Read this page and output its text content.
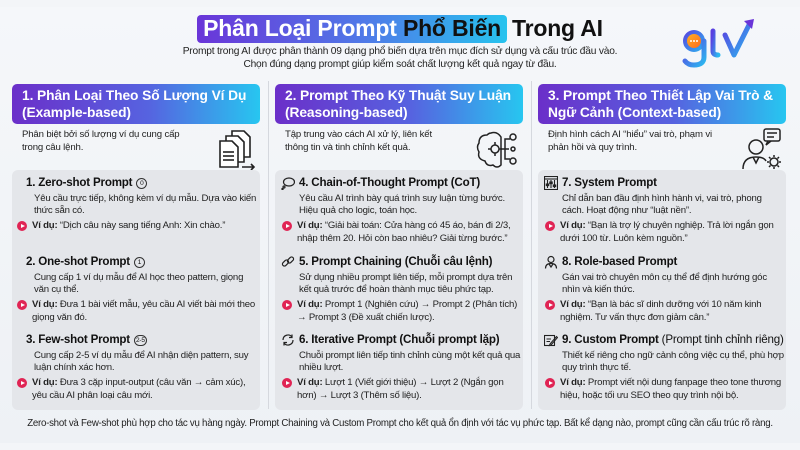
Phân Loại Prompt Phổ Biến Trong AI
Prompt trong AI được phân thành 09 dạng phổ biến dựa trên mục đích sử dụng và cấu trúc đầu vào.
Chọn đúng dạng prompt giúp kiểm soát chất lượng kết quả ngay từ đầu.
1. Phân Loại Theo Số Lượng Ví Dụ (Example-based)
Phân biệt bởi số lượng ví dụ cung cấp trong câu lệnh.
1. Zero-shot Prompt	0
Yêu cầu trực tiếp, không kèm ví dụ mẫu. Dựa vào kiến thức sẵn có.
Ví dụ: “Dịch câu này sang tiếng Anh: Xin chào.”
2. One-shot Prompt	1
Cung cấp 1 ví dụ mẫu để AI học theo pattern, giọng văn cụ thể.
Ví dụ: Đưa 1 bài viết mẫu, yêu cầu AI viết bài mới theo giọng văn đó.
3. Few-shot Prompt 2-5
Cung cấp 2-5 ví dụ mẫu để AI nhận diện pattern, suy luận chính xác hơn.
Ví dụ: Đưa 3 cặp input-output (câu văn → cảm xúc), yêu cầu AI phân loại câu mới.
2. Prompt Theo Kỹ Thuật Suy Luận (Reasoning-based)
Tập trung vào cách AI xử lý, liên kết thông tin và tinh chỉnh kết quả.
4. Chain-of-Thought Prompt (CoT)
Yêu cầu AI trình bày quá trình suy luận từng bước. Hiệu quả cho logic, toán học.
Ví dụ: “Giải bài toán: Cửa hàng có 45 áo, bán đi 2/3, nhập thêm 20. Hỏi còn bao nhiêu? Giải từng bước.”
5. Prompt Chaining (Chuỗi câu lệnh)
Sử dụng nhiều prompt liên tiếp, mỗi prompt dựa trên kết quả trước để hoàn thành mục tiêu phức tạp.
Ví dụ: Prompt 1 (Nghiên cứu) → Prompt 2 (Phân tích) → Prompt 3 (Đề xuất chiến lược).
6. Iterative Prompt (Chuỗi prompt lặp)
Chuỗi prompt liên tiếp tinh chỉnh cùng một kết quả qua nhiều lượt.
Ví dụ: Lượt 1 (Viết giới thiệu) → Lượt 2 (Ngắn gọn hơn) → Lượt 3 (Thêm số liệu).
3. Prompt Theo Thiết Lập Vai Trò & Ngữ Cảnh (Context-based)
Định hình cách AI “hiểu” vai trò, phạm vi phản hồi và quy trình.
7. System Prompt
Chỉ dẫn ban đầu định hình hành vi, vai trò, phong cách. Hoạt động như “luật nền”.
Ví dụ: “Bạn là trợ lý chuyên nghiệp. Trả lời ngắn gọn dưới 100 từ. Luôn kèm nguồn.”
8. Role-based Prompt
Gán vai trò chuyên môn cụ thể để định hướng góc nhìn và kiến thức.
Ví dụ: “Bạn là bác sĩ dinh dưỡng với 10 năm kinh nghiệm. Tư vấn thực đơn giảm cân.”
9. Custom Prompt (Prompt tinh chỉnh riêng)
Thiết kế riêng cho ngữ cảnh công việc cụ thể, phù hợp quy trình thực tế.
Ví dụ: Prompt viết nội dung fanpage theo tone thương hiệu, hoặc tối ưu SEO theo quy trình nội bộ.
Zero-shot và Few-shot phù hợp cho tác vụ hàng ngày. Prompt Chaining và Custom Prompt cho kết quả ổn định với tác vụ phức tạp. Bất kể dạng nào, prompt cũng cần cấu trúc rõ ràng.
